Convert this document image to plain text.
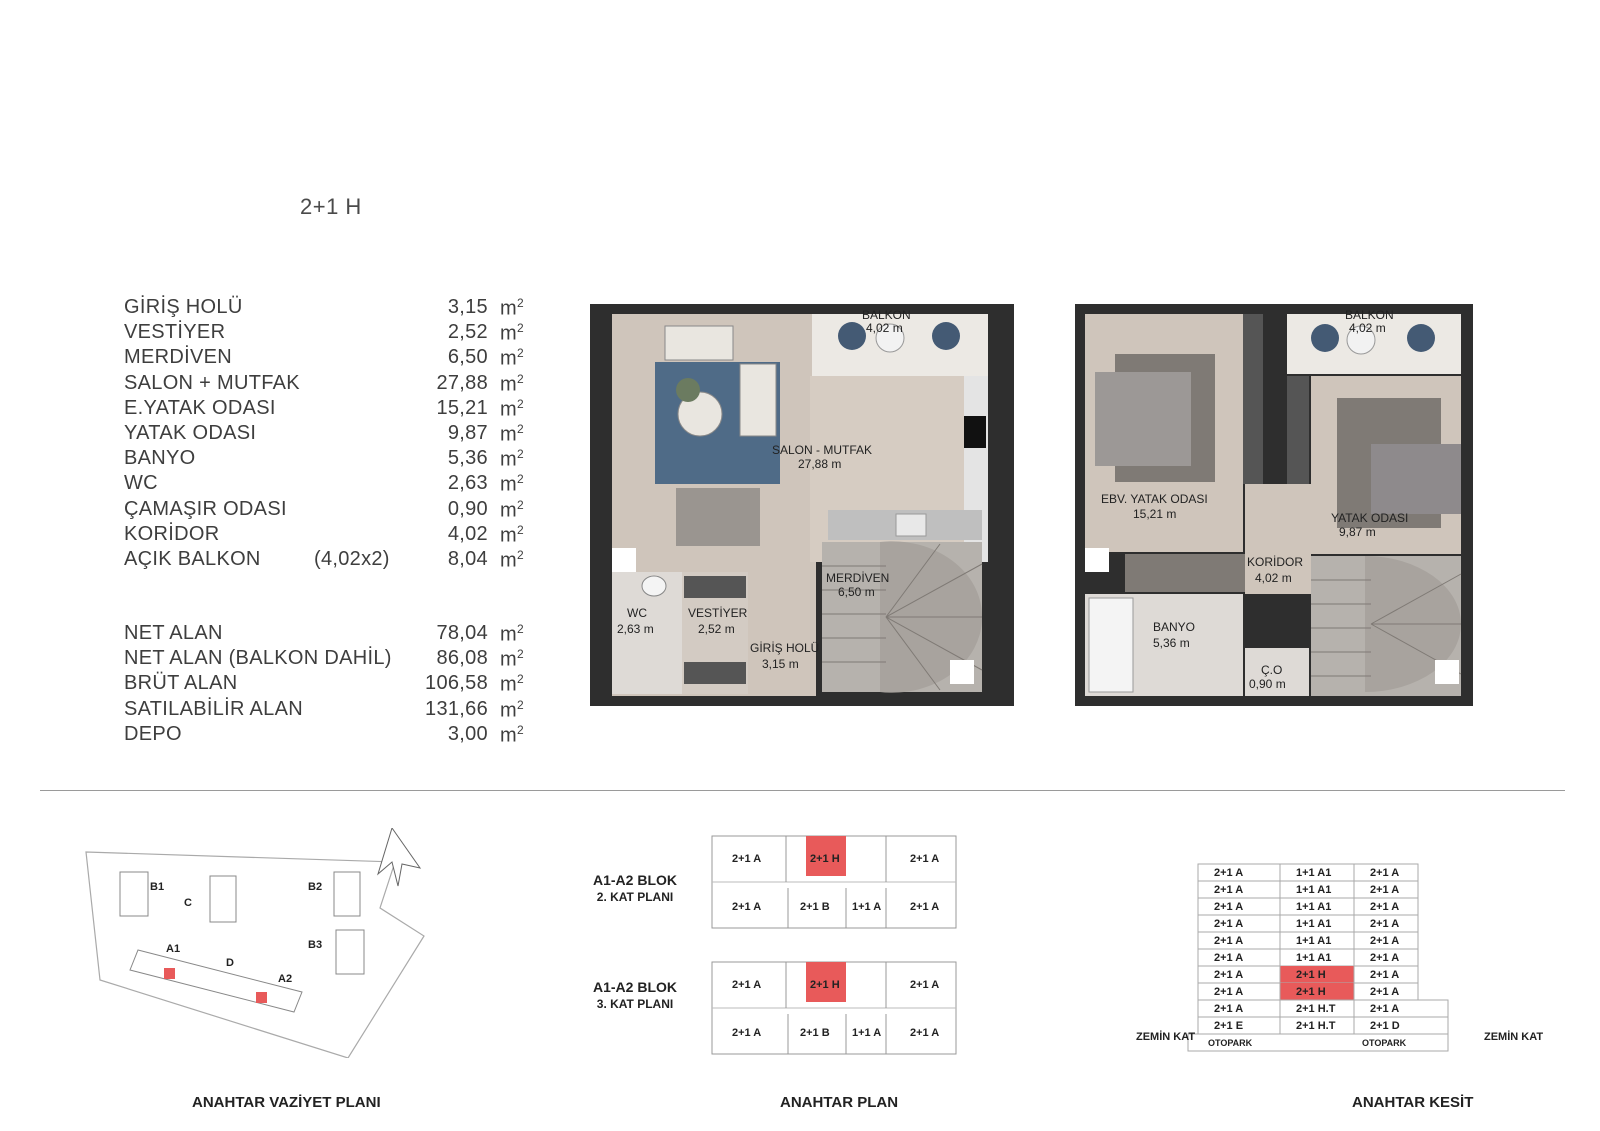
2+1 H
GİRİŞ HOLÜ	3,15 $m^2$
VESTİYER	2,52 $m^2$
MERDİVEN	6,50 $m^2$
SALON + MUTFAK	27,88 $m^2$
E.YATAK ODASI	15,21 $m^2$
YATAK ODASI	9,87 $m^2$
BANYO	5,36 $m^2$
WC	2,63 $m^2$
ÇAMAŞIR ODASI	0,90 $m^2$
KORİDOR	4,02 $m^2$
AÇIK BALKON	(4,02x2)	8,04 $m^2$
NET ALAN	78,04 $m^2$
NET ALAN (BALKON DAHİL) 86,08 $m^2$
BRÜT ALAN	106,58 $m^2$
SATILABİLİR ALAN	131,66 $m^2$
DEPO	3,00 $m^2$
BALKON
4,02 m
SALON - MUTFAK
27,88 m
MERDİVEN
6,50 m
WC
2,63 m
VESTİYER
2,52 m
GİRİŞ HOLÜ
3,15 m
BALKON
4,02 m
EBV. YATAK ODASI
15,21 m	YATAK ODASI
9,87 m
KORİDOR
4,02 m
BANYO
5,36 m
Ç.O
0,90 m
B1
C
B2
B3
A1
D
A2
ANAHTAR VAZİYET PLANI
A1-A2 BLOK
2. KAT PLANI
A1-A2 BLOK
3. KAT PLANI
2+1 A	2+1 H	2+1 A
2+1 A	2+1 B 1+1 A	2+1 A
2+1 A	2+1 H	2+1 A
2+1 A	2+1 B 1+1 A	2+1 A
ANAHTAR PLAN
2+1 A	1+1 A1	2+1 A
2+1 A	1+1 A1	2+1 A
2+1 A	1+1 A1	2+1 A
2+1 A	1+1 A1	2+1 A
2+1 A	1+1 A1	2+1 A
2+1 A	1+1 A1	2+1 A
2+1 A	2+1 H	2+1 A
2+1 A	2+1 H	2+1 A
2+1 A	2+1 H.T	2+1 A
2+1 E	2+1 H.T	2+1 D
OTOPARK	OTOPARK
ZEMİN KAT	ZEMİN KAT
ANAHTAR KESİT
